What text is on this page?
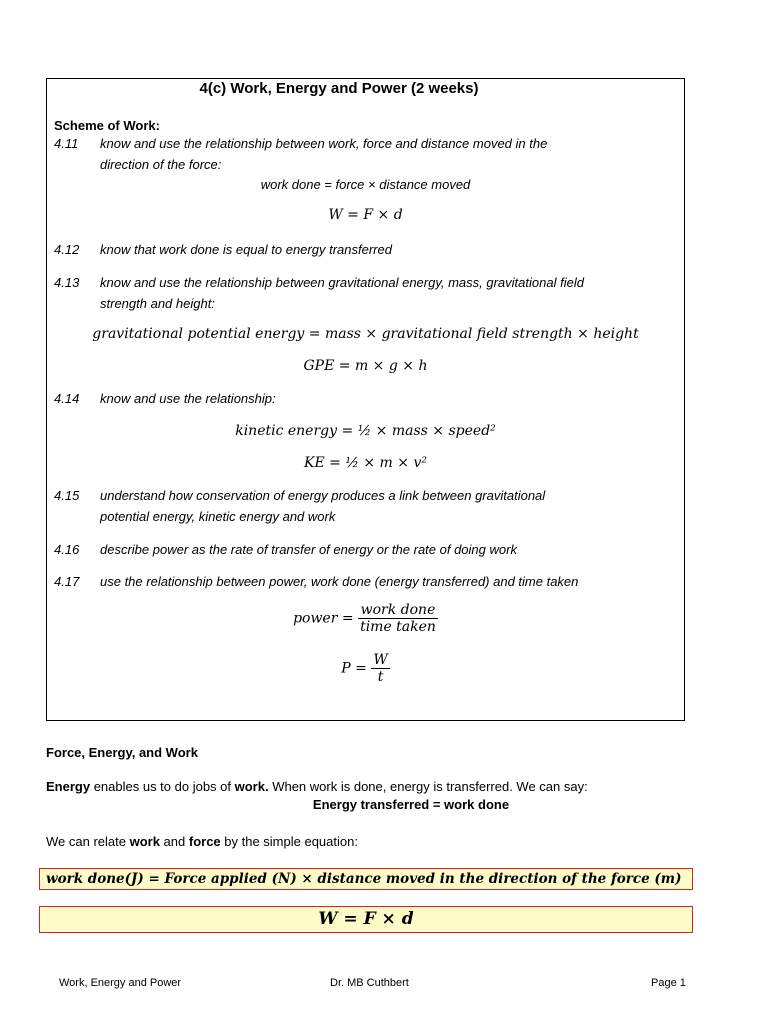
4(c) Work, Energy and Power (2 weeks)
Scheme of Work:
4.11 know and use the relationship between work, force and distance moved in the
direction of the force:
work done = force × distance moved
W = F × d
4.12 know that work done is equal to energy transferred
4.13 know and use the relationship between gravitational energy, mass, gravitational field
strength and height:
gravitational potential energy = mass × gravitational field strength × height
GPE = m × g × h
4.14 know and use the relationship:
kinetic energy = ½ × mass × speed²
KE = ½ × m × v²
4.15 understand how conservation of energy produces a link between gravitational
potential energy, kinetic energy and work
4.16 describe power as the rate of transfer of energy or the rate of doing work
4.17 use the relationship between power, work done (energy transferred) and time taken
power = $\frac{\text{work done}}{\text{time taken}}$
$P = \frac{W}{t}$
Force, Energy, and Work
Energy enables us to do jobs of work. When work is done, energy is transferred. We can say:
Energy transferred = work done
We can relate work and force by the simple equation:
work done(J) = Force applied (N) × distance moved in the direction of the force (m)
W = F × d
Work, Energy and Power	Dr. MB Cuthbert	Page 1
